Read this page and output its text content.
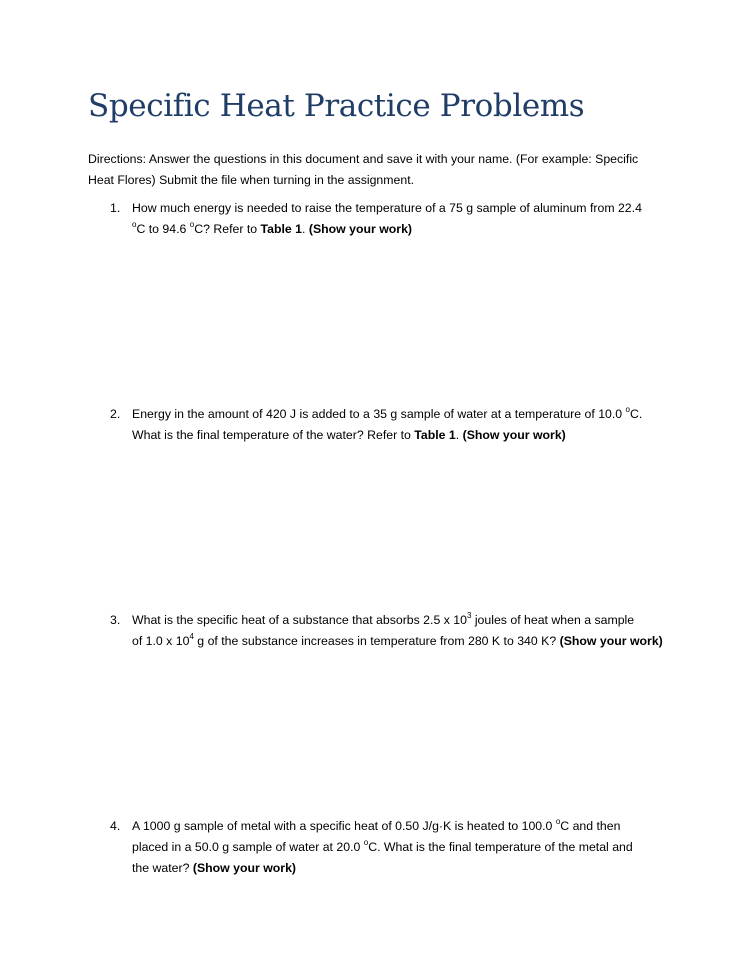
Specific Heat Practice Problems
Directions: Answer the questions in this document and save it with your name. (For example: Specific Heat Flores) Submit the file when turning in the assignment.
1. How much energy is needed to raise the temperature of a 75 g sample of aluminum from 22.4
$^o$C to 94.6 $^o$C? Refer to Table 1. (Show your work)
2. Energy in the amount of 420 J is added to a 35 g sample of water at a temperature of 10.0 $^o$C.
What is the final temperature of the water? Refer to Table 1. (Show your work)
3. What is the specific heat of a substance that absorbs 2.5 x $10^3$ joules of heat when a sample
of 1.0 x $10^4$ g of the substance increases in temperature from 280 K to 340 K? (Show your work)
4. A 1000 g sample of metal with a specific heat of 0.50 J/g·K is heated to 100.0 $^o$C and then
placed in a 50.0 g sample of water at 20.0 $^o$C. What is the final temperature of the metal and
the water? (Show your work)
